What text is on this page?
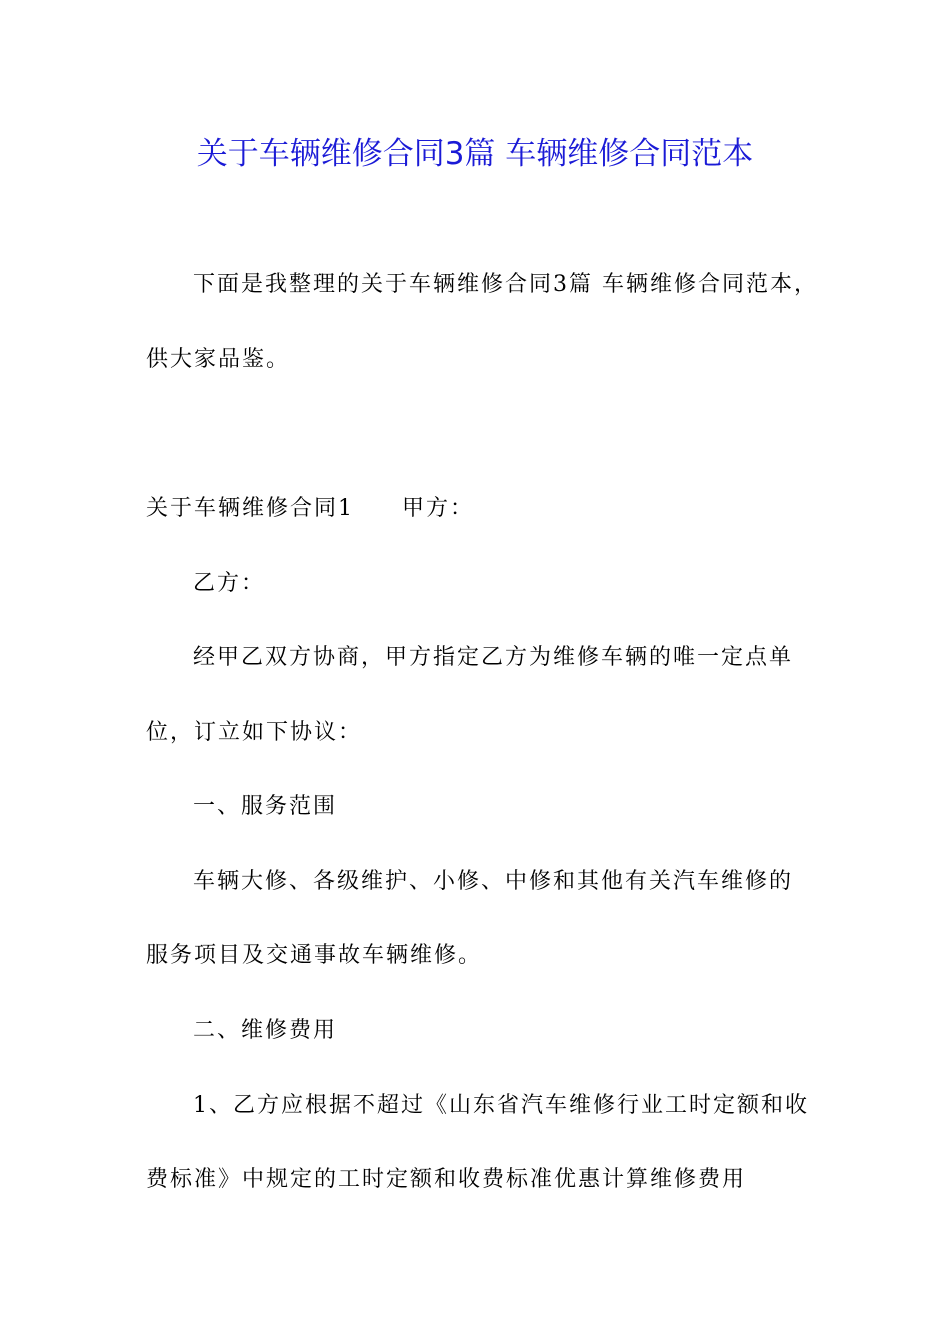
关于车辆维修合同3篇 车辆维修合同范本
下面是我整理的关于车辆维修合同3篇 车辆维修合同范本，
供大家品鉴。
关于车辆维修合同1　　甲方：
乙方：
经甲乙双方协商，甲方指定乙方为维修车辆的唯一定点单
位，订立如下协议：
一、服务范围
车辆大修、各级维护、小修、中修和其他有关汽车维修的
服务项目及交通事故车辆维修。
二、维修费用
1、乙方应根据不超过《山东省汽车维修行业工时定额和收
费标准》中规定的工时定额和收费标准优惠计算维修费用
